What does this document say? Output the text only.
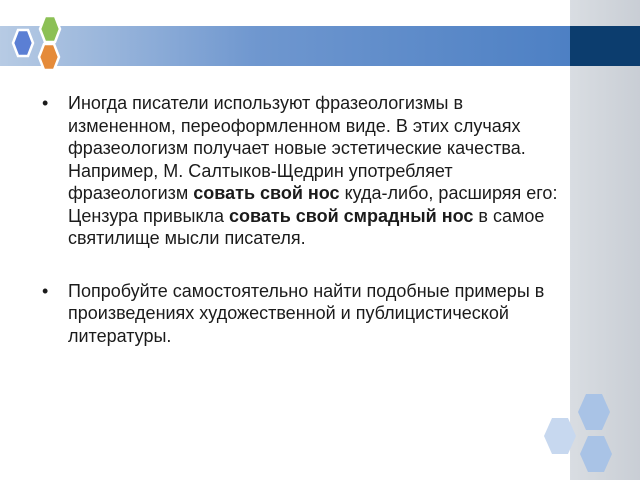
• Иногда писатели используют фразеологизмы в измененном, переоформленном виде. В этих случаях фразеологизм получает новые эстетические качества. Например, М. Салтыков-Щедрин употребляет фразеологизм совать свой нос куда-либо, расширяя его: Цензура привыкла совать свой смрадный нос в самое святилище мысли писателя.
• Попробуйте самостоятельно найти подобные примеры в произведениях художественной и публицистической литературы.
